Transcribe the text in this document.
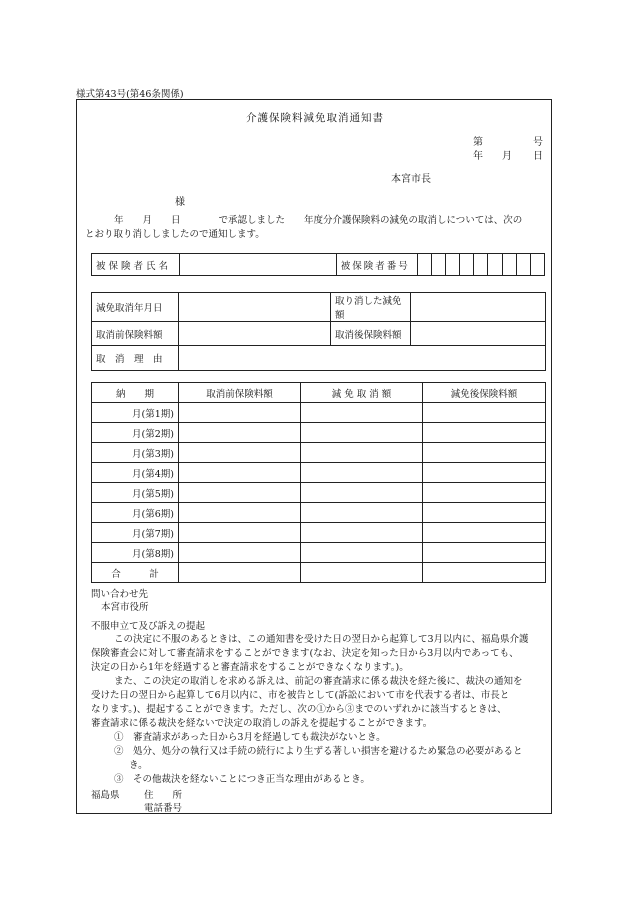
様式第43号(第46条関係)
介護保険料減免取消通知書
第	号
年 月 日
本宮市長
様
年　　月　　日　　　　で承認しました　　年度分介護保険料の減免の取消しについては、次の
とおり取り消ししましたので通知します。
被保険者氏名		被保険者番号									
減免取消年月日		取り消した減免額	
取消前保険料額		取消後保険料額	
取　消　理　由			
納　　期	取消前保険料額	減 免 取 消 額	減免後保険料額
月(第1期)			
月(第2期)			
月(第3期)			
月(第4期)			
月(第5期)			
月(第6期)			
月(第7期)			
月(第8期)			
合　　　計			
問い合わせ先
本宮市役所
不服申立て及び訴えの提起
この決定に不服のあるときは、この通知書を受けた日の翌日から起算して3月以内に、福島県介護
保険審査会に対して審査請求をすることができます(なお、決定を知った日から3月以内であっても、
決定の日から1年を経過すると審査請求をすることができなくなります。)。
また、この決定の取消しを求める訴えは、前記の審査請求に係る裁決を経た後に、裁決の通知を
受けた日の翌日から起算して6月以内に、市を被告として(訴訟において市を代表する者は、市長と
なります。)、提起することができます。ただし、次の①から③までのいずれかに該当するときは、
審査請求に係る裁決を経ないで決定の取消しの訴えを提起することができます。
①　審査請求があった日から3月を経過しても裁決がないとき。
②　処分、処分の執行又は手続の続行により生ずる著しい損害を避けるため緊急の必要があると
き。
③　その他裁決を経ないことにつき正当な理由があるとき。
福島県	住　　所
電話番号
